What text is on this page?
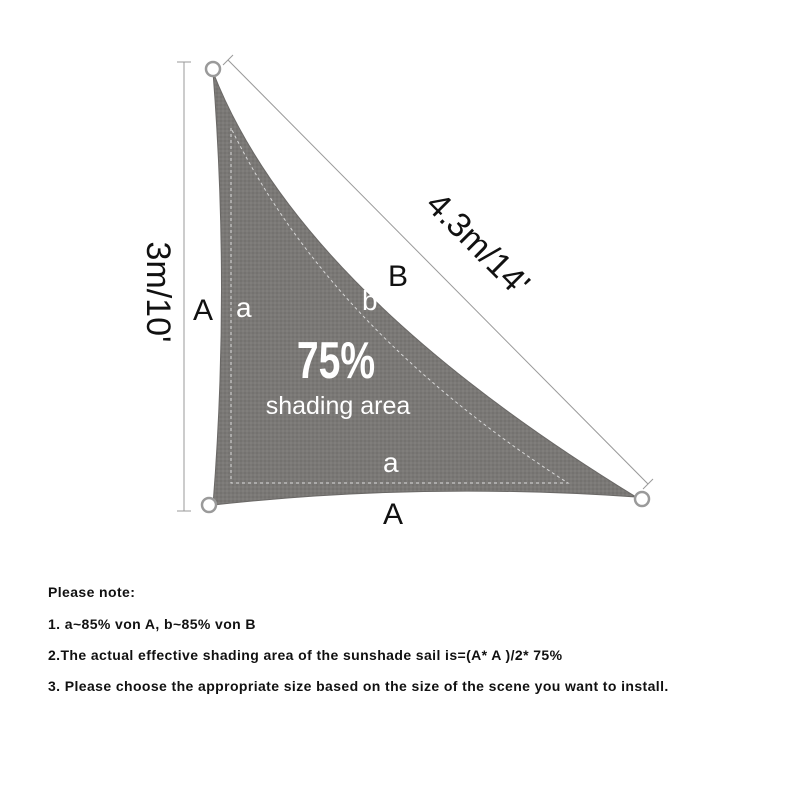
3m/10'	4.3m/14'
A
B
A
a	b
a
75%
shading area

Please note:

1. a~85% von A, b~85% von B

2.The actual effective shading area of the sunshade sail is=(A* A )/2* 75%

3. Please choose the appropriate size based on the size of the scene you want to install.
